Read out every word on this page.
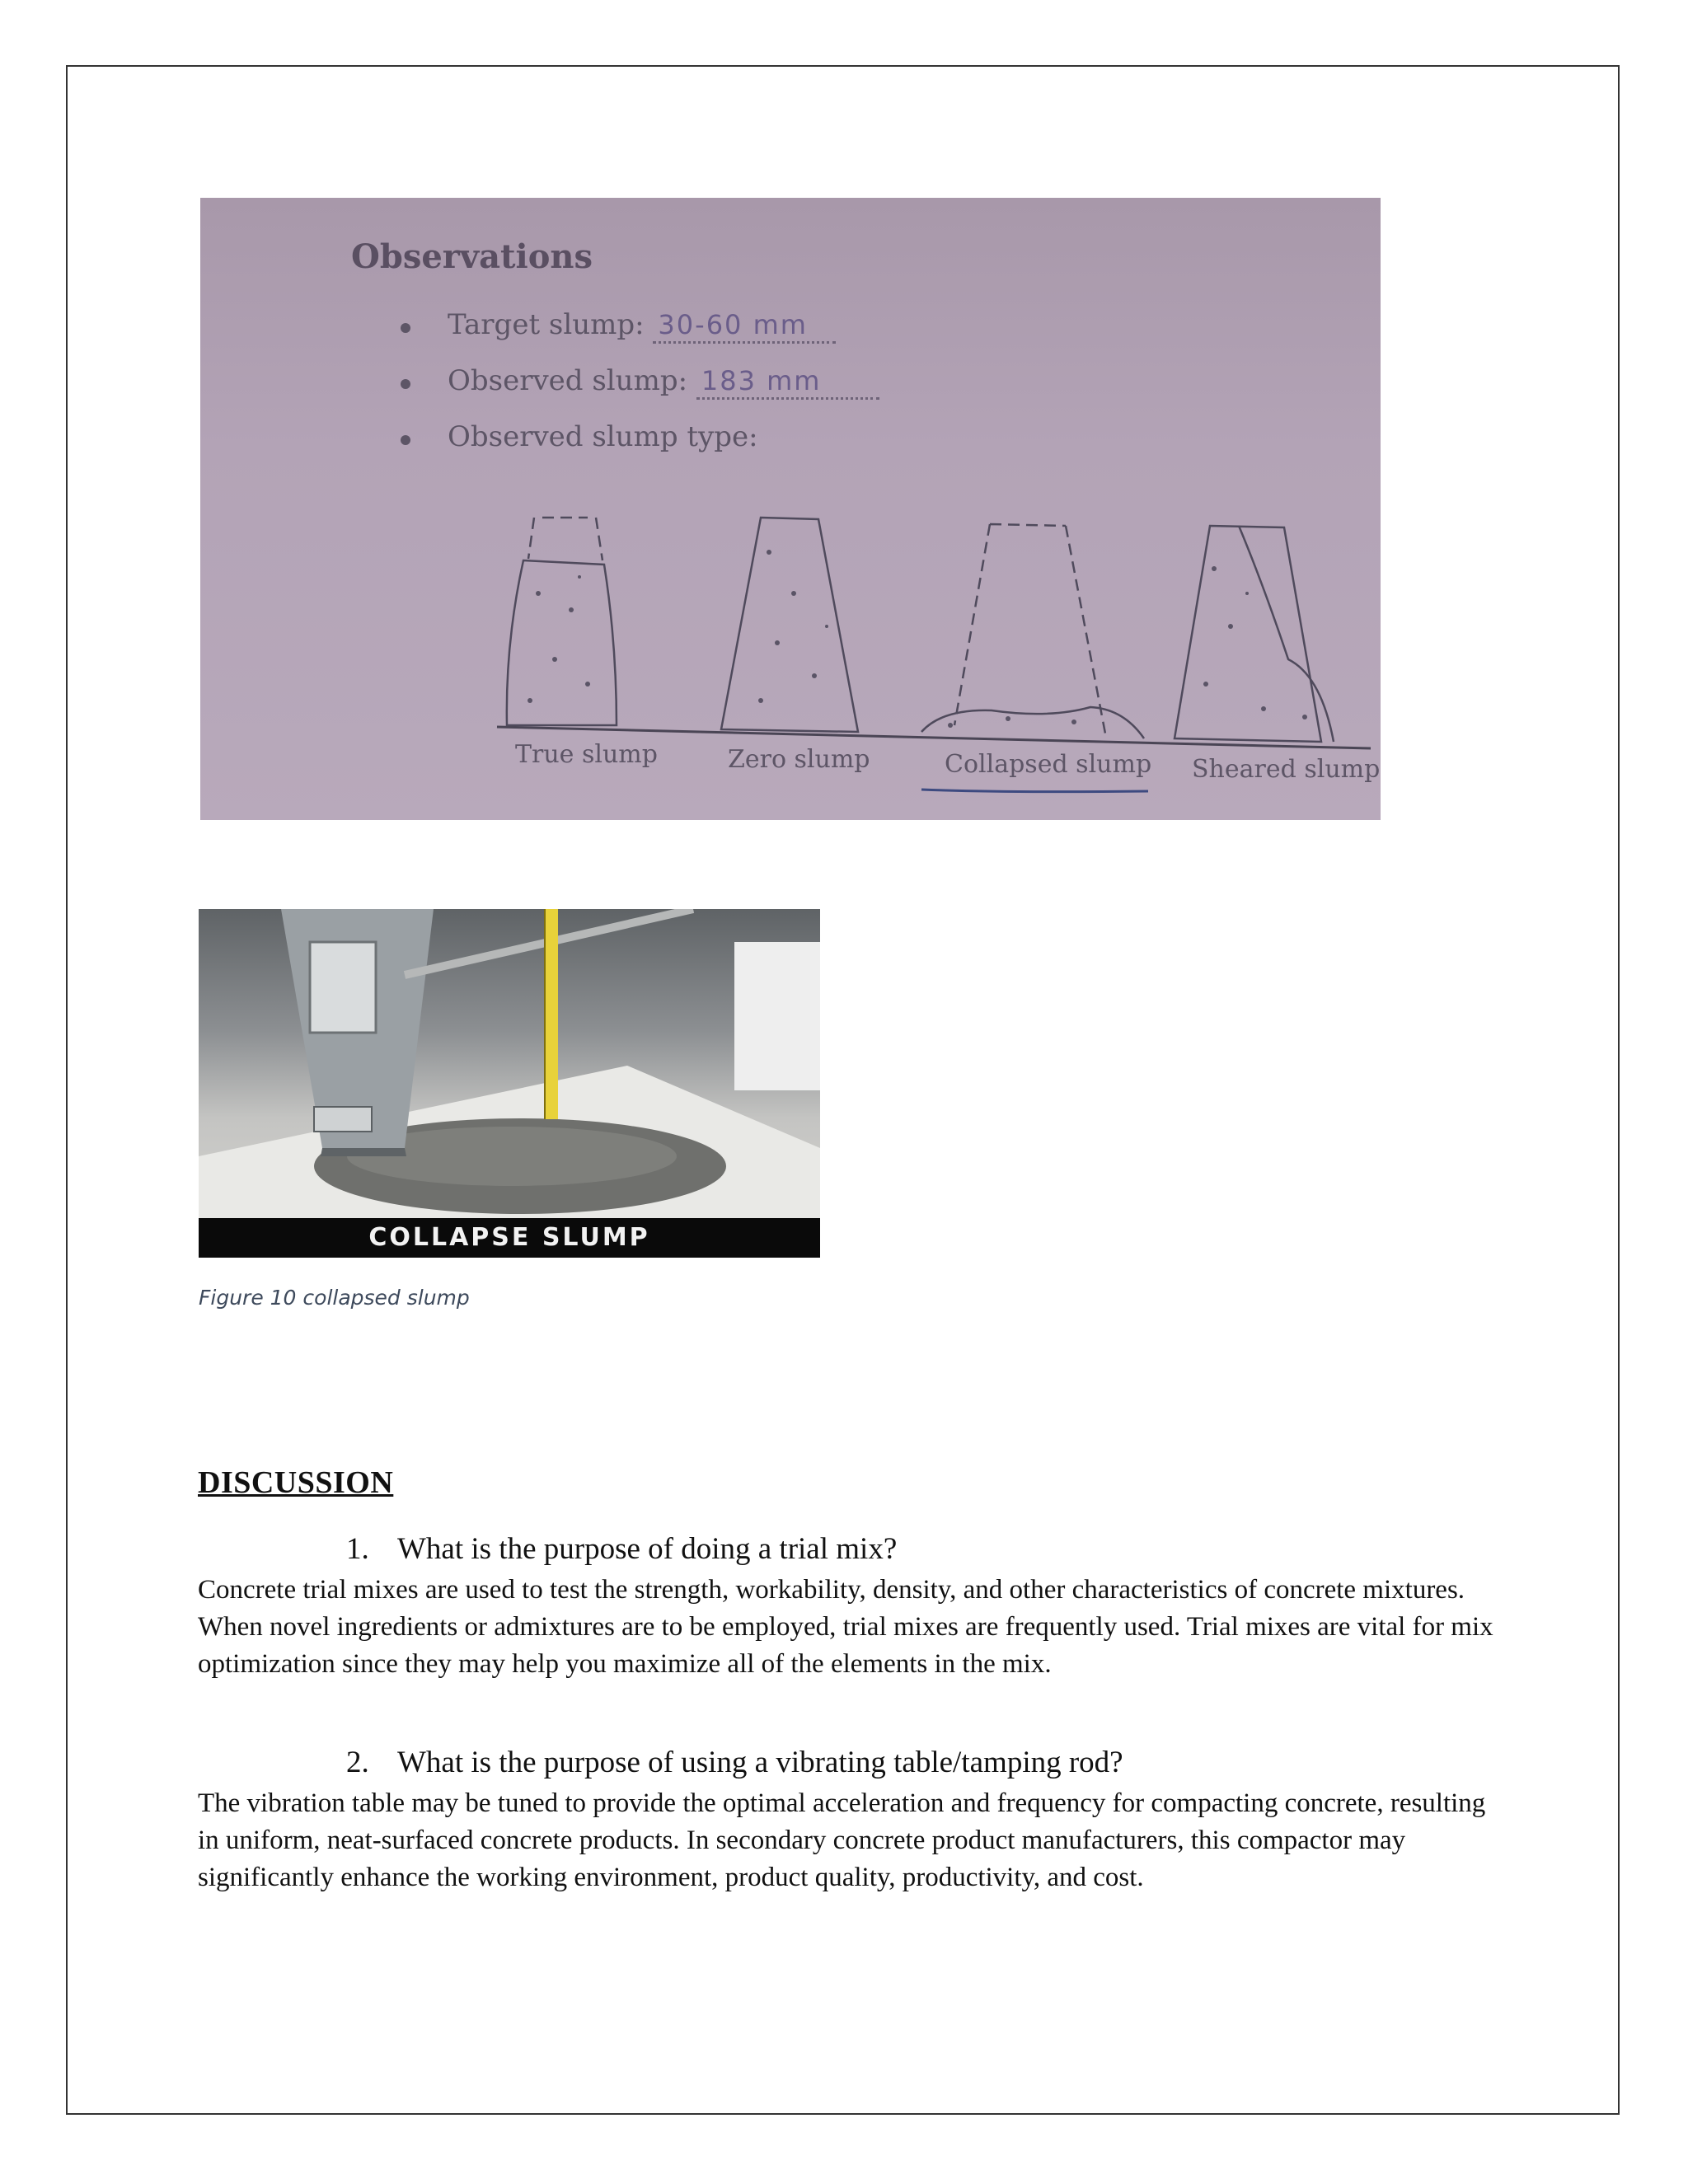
Observations
Target slump: 30-60 mm
Observed slump: 183 mm
Observed slump type:
True slump	Zero slump	Collapsed slump Sheared slump
COLLAPSE SLUMP
Figure 10 collapsed slump
DISCUSSION
1. What is the purpose of doing a trial mix?
Concrete trial mixes are used to test the strength, workability, density, and other characteristics of concrete mixtures. When novel ingredients or admixtures are to be employed, trial mixes are frequently used. Trial mixes are vital for mix optimization since they may help you maximize all of the elements in the mix.
2. What is the purpose of using a vibrating table/tamping rod?
The vibration table may be tuned to provide the optimal acceleration and frequency for compacting concrete, resulting in uniform, neat-surfaced concrete products. In secondary concrete product manufacturers, this compactor may significantly enhance the working environment, product quality, productivity, and cost.
